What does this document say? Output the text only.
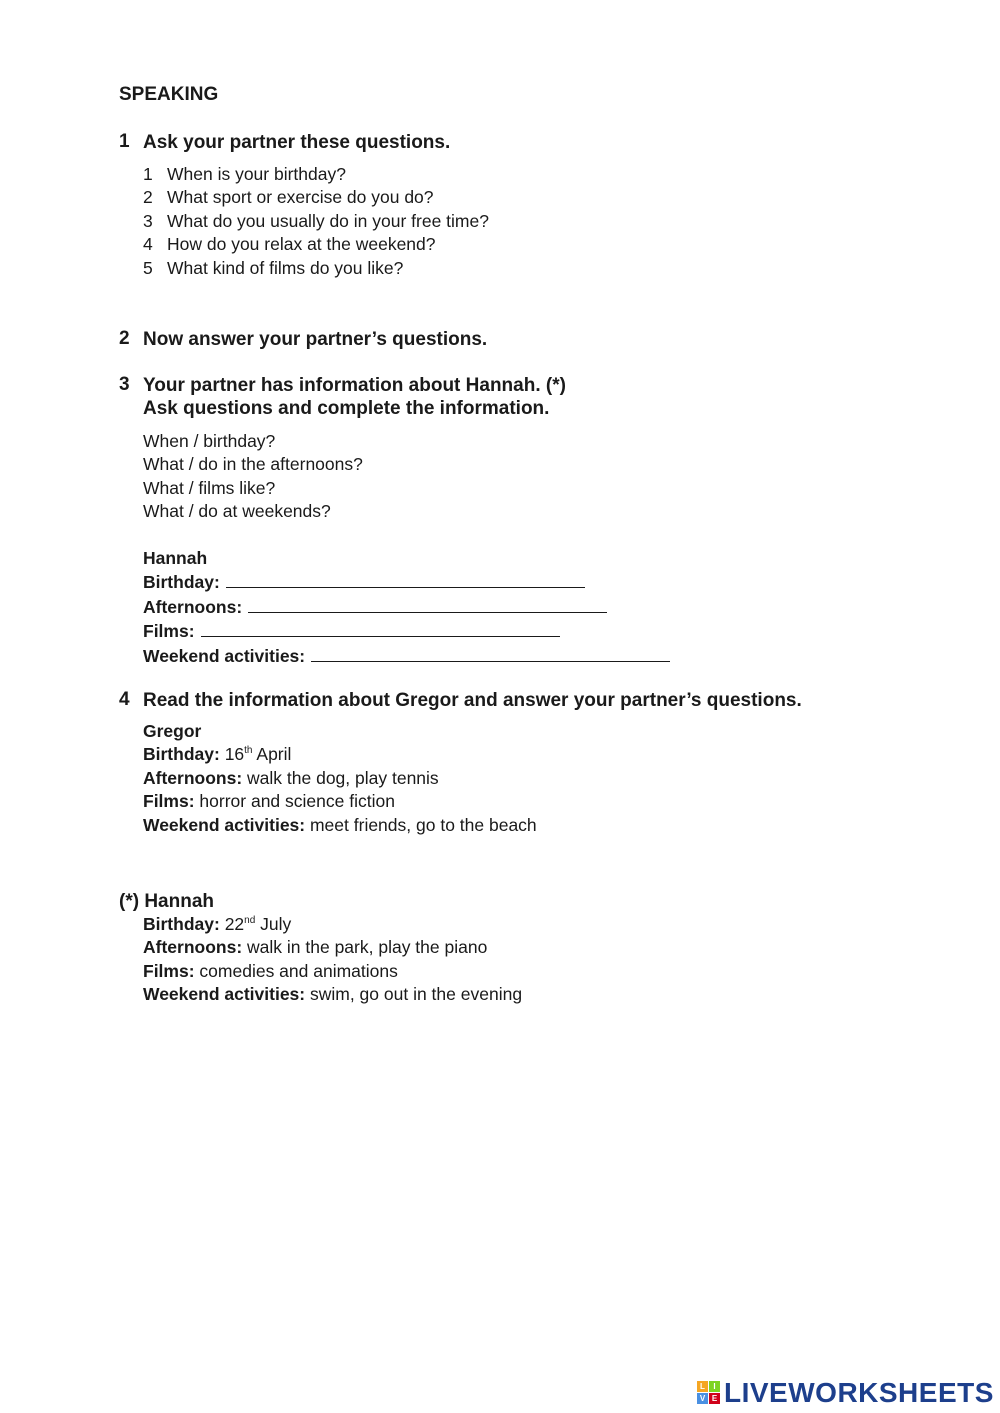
SPEAKING
1 Ask your partner these questions.
1 When is your birthday?
2 What sport or exercise do you do?
3 What do you usually do in your free time?
4 How do you relax at the weekend?
5 What kind of films do you like?
2 Now answer your partner’s questions.
3 Your partner has information about Hannah. (*)
Ask questions and complete the information.
When / birthday?
What / do in the afternoons?
What / films like?
What / do at weekends?
Hannah
Birthday:
Afternoons:
Films:
Weekend activities:
4 Read the information about Gregor and answer your partner’s questions.
Gregor
Birthday: 16th April
Afternoons: walk the dog, play tennis
Films: horror and science fiction
Weekend activities: meet friends, go to the beach
(*) Hannah
Birthday: 22nd July
Afternoons: walk in the park, play the piano
Films: comedies and animations
Weekend activities: swim, go out in the evening
L	I
V E LIVEWORKSHEETS
